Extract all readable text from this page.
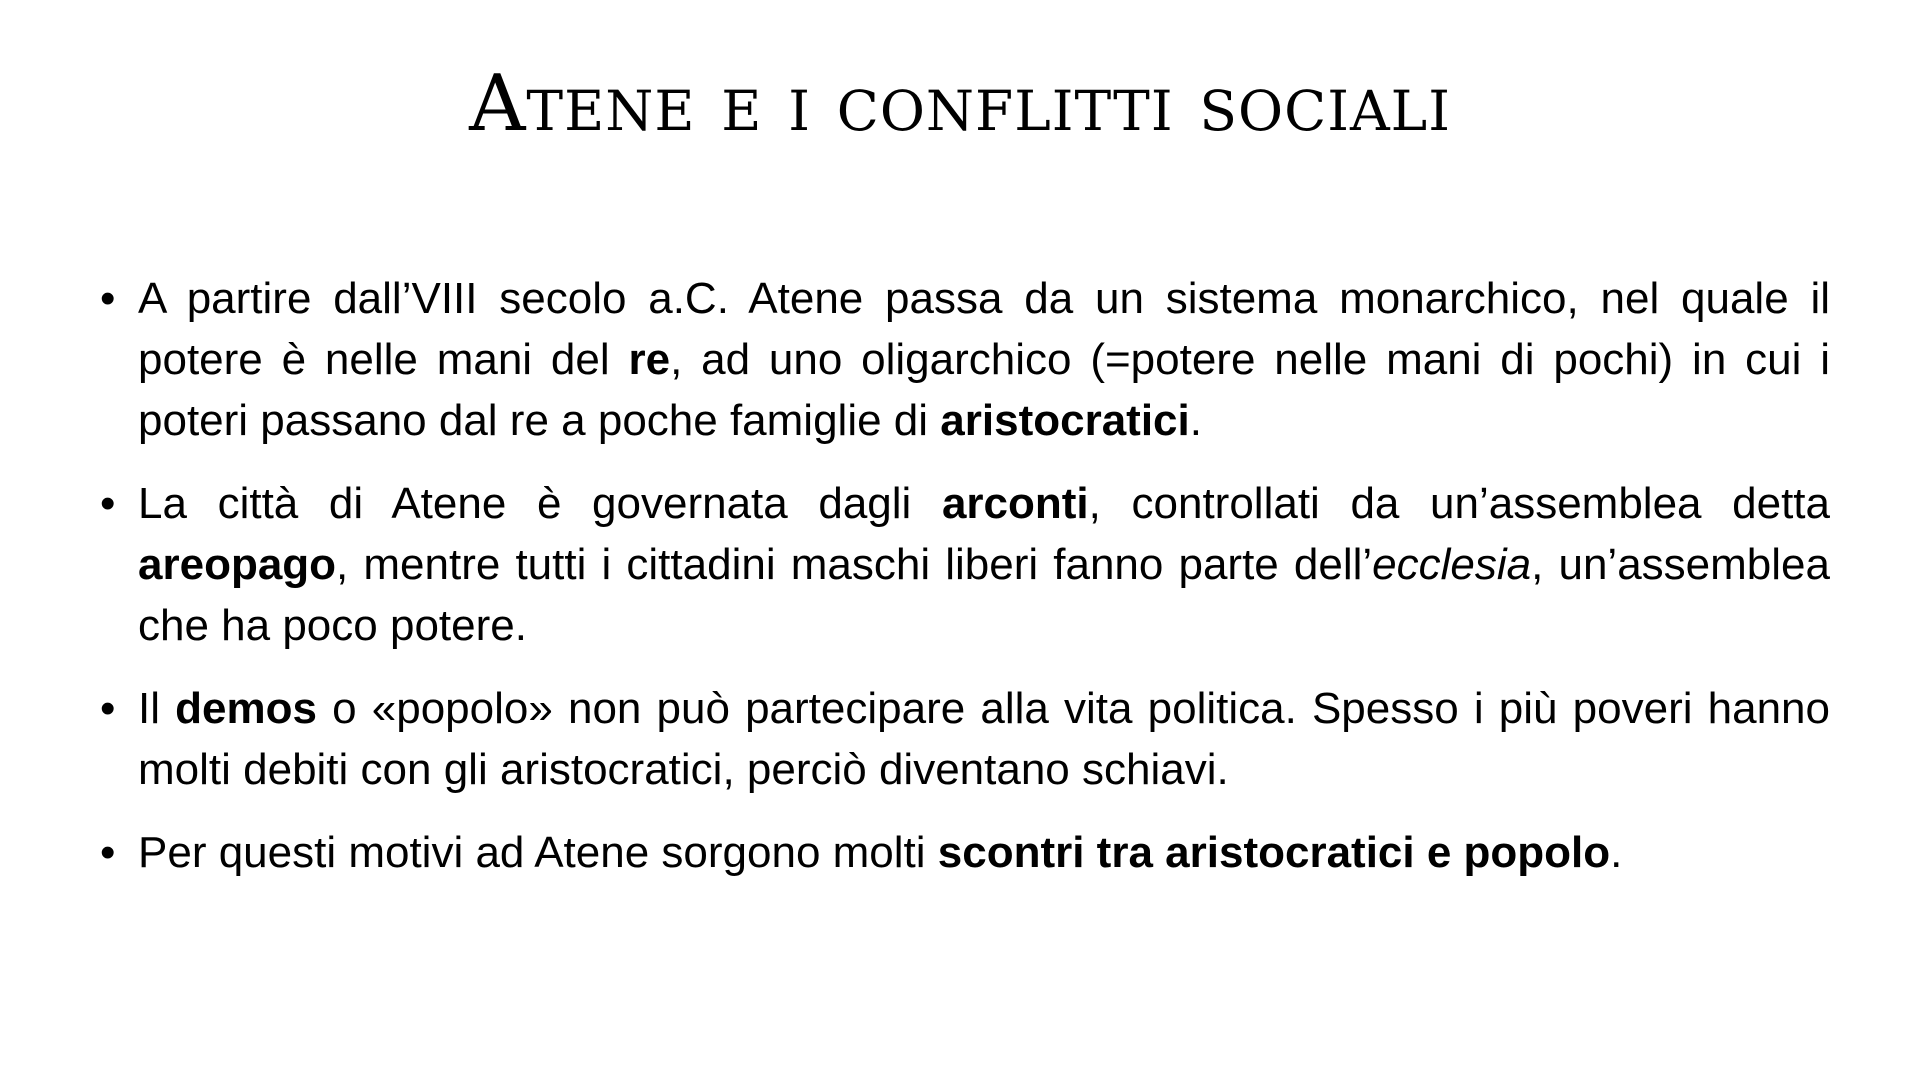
Atene e i conflitti sociali
• A partire dall’VIII secolo a.C. Atene passa da un sistema monarchico, nel quale il potere è nelle mani del re, ad uno oligarchico (=potere nelle mani di pochi) in cui i poteri passano dal re a poche famiglie di aristocratici.
• La città di Atene è governata dagli arconti, controllati da un’assemblea detta areopago, mentre tutti i cittadini maschi liberi fanno parte dell’ecclesia, un’assemblea che ha poco potere.
• Il demos o «popolo» non può partecipare alla vita politica. Spesso i più poveri hanno molti debiti con gli aristocratici, perciò diventano schiavi.
• Per questi motivi ad Atene sorgono molti scontri tra aristocratici e popolo.
